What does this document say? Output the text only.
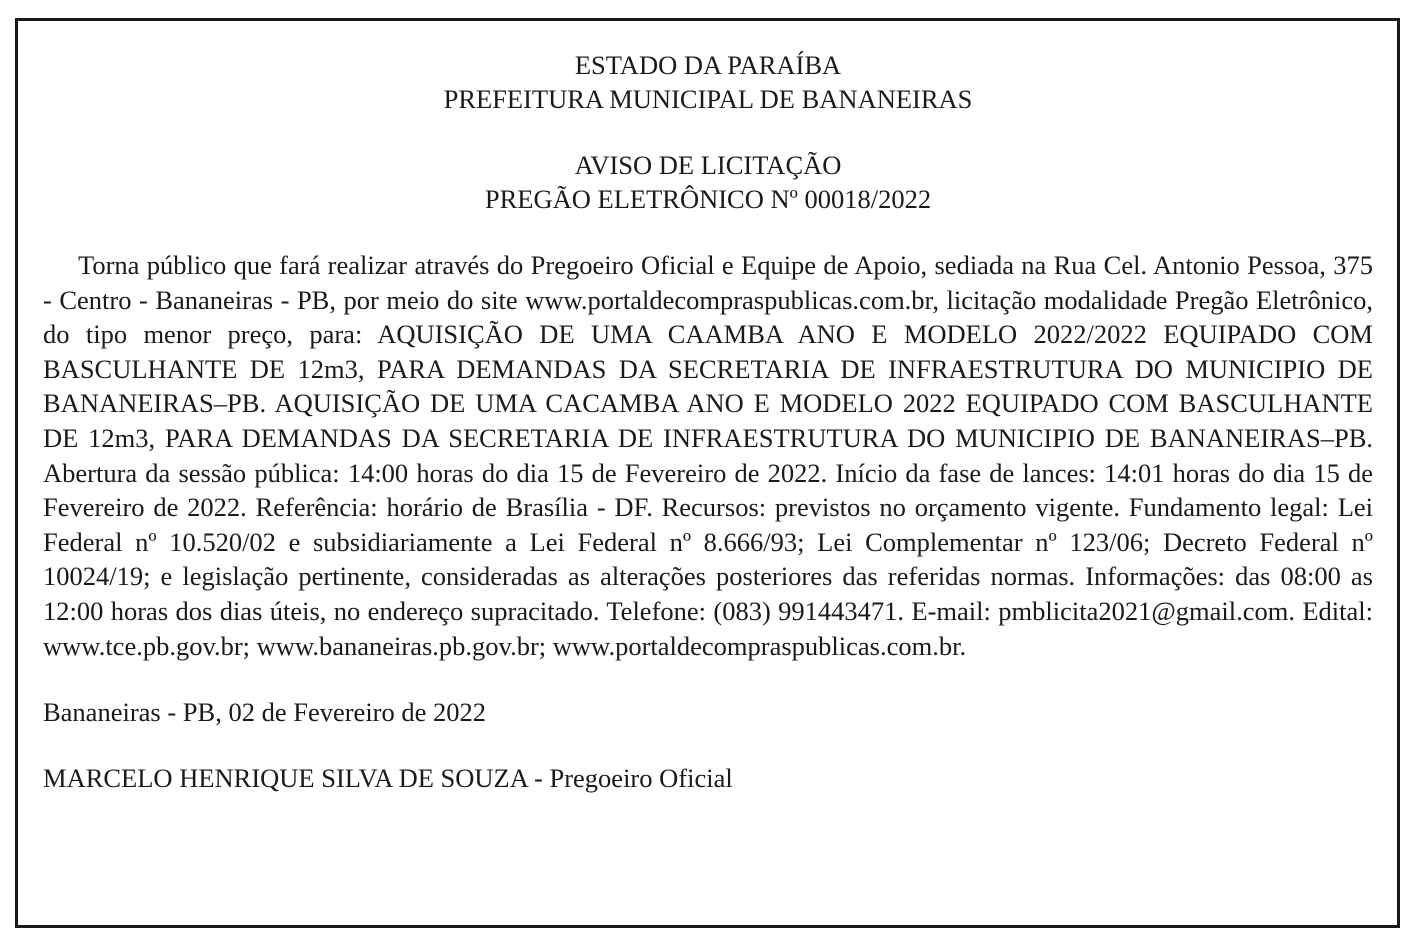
ESTADO DA PARAÍBA

PREFEITURA MUNICIPAL DE BANANEIRAS

AVISO DE LICITAÇÃO

PREGÃO ELETRÔNICO Nº 00018/2022

Torna público que fará realizar através do Pregoeiro Oficial e Equipe de Apoio, sediada na Rua Cel. Antonio Pessoa, 375 - Centro - Bananeiras - PB, por meio do site www.portaldecompraspublicas.com.br, licitação modalidade Pregão Eletrônico, do tipo menor preço, para: AQUISIÇÃO DE UMA CAAMBA ANO E MODELO 2022/2022 EQUIPADO COM BASCULHANTE DE 12m3, PARA DEMANDAS DA SECRETARIA DE INFRAESTRUTURA DO MUNICIPIO DE BANANEIRAS–PB. AQUISIÇÃO DE UMA CACAMBA ANO E MODELO 2022 EQUIPADO COM BASCULHANTE DE 12m3, PARA DEMANDAS DA SECRETARIA DE INFRAESTRUTURA DO MUNICIPIO DE BANANEIRAS–PB. Abertura da sessão pública: 14:00 horas do dia 15 de Fevereiro de 2022. Início da fase de lances: 14:01 horas do dia 15 de Fevereiro de 2022. Referência: horário de Brasília - DF. Recursos: previstos no orçamento vigente. Fundamento legal: Lei Federal nº 10.520/02 e subsidiariamente a Lei Federal nº 8.666/93; Lei Complementar nº 123/06; Decreto Federal nº 10024/19; e legislação pertinente, consideradas as alterações posteriores das referidas normas. Informações: das 08:00 as 12:00 horas dos dias úteis, no endereço supracitado. Telefone: (083) 991443471. E-mail: pmblicita2021@gmail.com. Edital: www.tce.pb.gov.br; www.bananeiras.pb.gov.br; www.portaldecompraspublicas.com.br.

Bananeiras - PB, 02 de Fevereiro de 2022

MARCELO HENRIQUE SILVA DE SOUZA - Pregoeiro Oficial
